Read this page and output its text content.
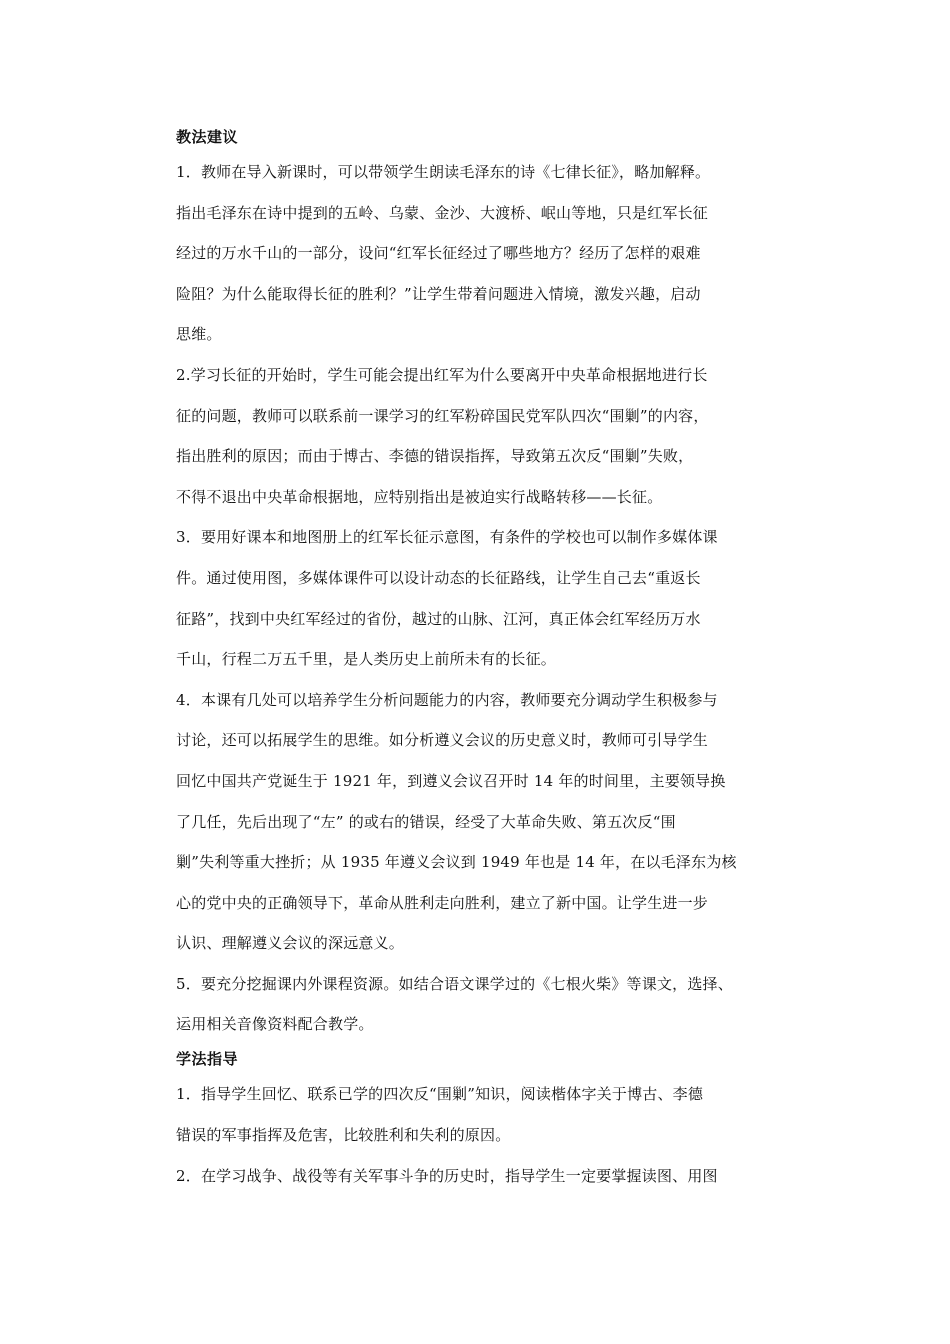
教法建议

1．教师在导入新课时，可以带领学生朗读毛泽东的诗《七律长征》，略加解释。

指出毛泽东在诗中提到的五岭、乌蒙、金沙、大渡桥、岷山等地，只是红军长征

经过的万水千山的一部分，设问“红军长征经过了哪些地方？经历了怎样的艰难

险阻？为什么能取得长征的胜利？”让学生带着问题进入情境，激发兴趣，启动

思维。

2.学习长征的开始时，学生可能会提出红军为什么要离开中央革命根据地进行长

征的问题，教师可以联系前一课学习的红军粉碎国民党军队四次“围剿”的内容，

指出胜利的原因；而由于博古、李德的错误指挥，导致第五次反“围剿”失败，

不得不退出中央革命根据地，应特别指出是被迫实行战略转移——长征。

3．要用好课本和地图册上的红军长征示意图，有条件的学校也可以制作多媒体课

件。通过使用图，多媒体课件可以设计动态的长征路线，让学生自己去“重返长

征路”，找到中央红军经过的省份，越过的山脉、江河，真正体会红军经历万水

千山，行程二万五千里，是人类历史上前所未有的长征。

4．本课有几处可以培养学生分析问题能力的内容，教师要充分调动学生积极参与

讨论，还可以拓展学生的思维。如分析遵义会议的历史意义时，教师可引导学生

回忆中国共产党诞生于 1921 年，到遵义会议召开时 14 年的时间里，主要领导换

了几任，先后出现了“左” 的或右的错误，经受了大革命失败、第五次反“围

剿”失利等重大挫折；从 1935 年遵义会议到 1949 年也是 14 年，在以毛泽东为核

心的党中央的正确领导下，革命从胜利走向胜利，建立了新中国。让学生进一步

认识、理解遵义会议的深远意义。

5．要充分挖掘课内外课程资源。如结合语文课学过的《七根火柴》等课文，选择、

运用相关音像资料配合教学。

学法指导

1．指导学生回忆、联系已学的四次反“围剿”知识，阅读楷体字关于博古、李德

错误的军事指挥及危害，比较胜利和失利的原因。

2．在学习战争、战役等有关军事斗争的历史时，指导学生一定要掌握读图、用图
